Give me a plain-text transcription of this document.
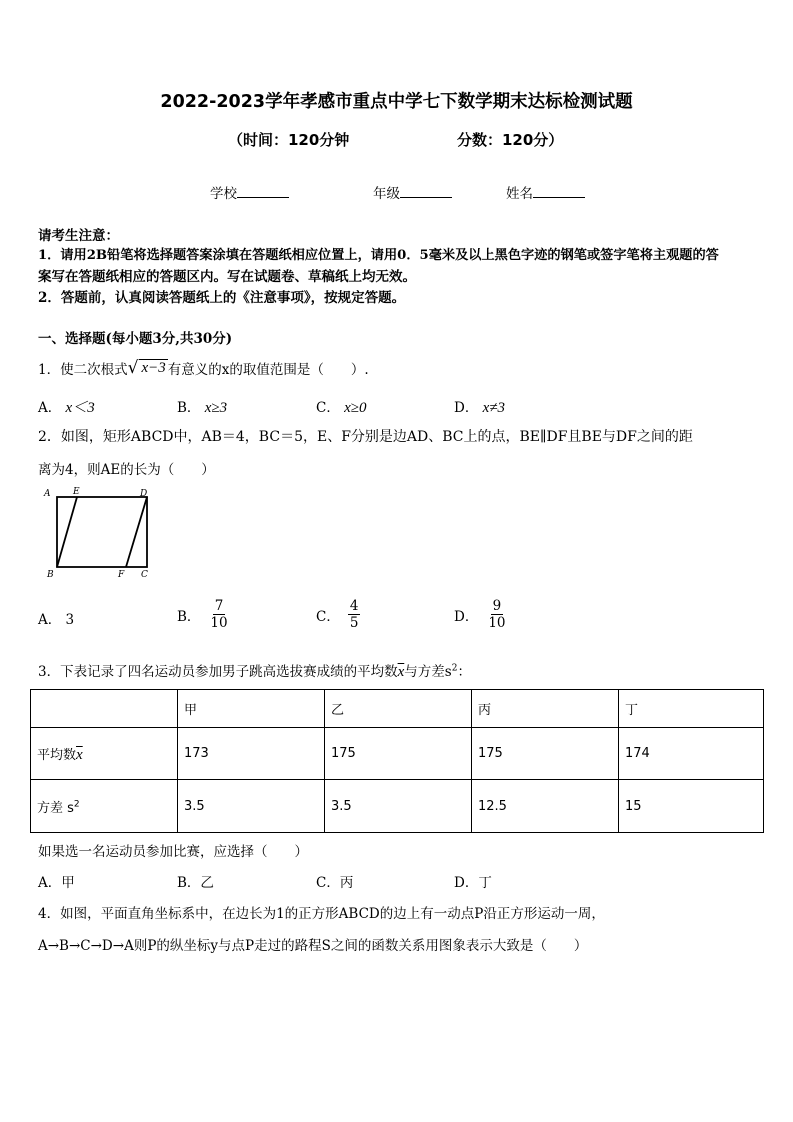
2022-2023学年孝感市重点中学七下数学期末达标检测试题
（时间：120分钟	分数：120分）
学校	年级	姓名
请考生注意：
1．请用2B铅笔将选择题答案涂填在答题纸相应位置上，请用0．5毫米及以上黑色字迹的钢笔或签字笔将主观题的答
案写在答题纸相应的答题区内。写在试题卷、草稿纸上均无效。
2．答题前，认真阅读答题纸上的《注意事项》，按规定答题。
一、选择题(每小题3分,共30分)
1．使二次根式 √ x−3 有意义的x的取值范围是（　　）.
A． x＜3	B． x≥3	C． x≥0	D． x≠3
2．如图，矩形ABCD中，AB＝4，BC＝5，E、F分别是边AD、BC上的点，BE∥DF且BE与DF之间的距
离为4，则AE的长为（　　）
A	E	D
B	F C
A． 3	B． $\frac{7}{10}$	C． $\frac{4}{5}$	D． $\frac{9}{10}$
3．下表记录了四名运动员参加男子跳高选拔赛成绩的平均数$\overline{x}$与方差$s^2$：
	甲	乙	丙	丁
平均数$\overline{x}$	173	175	175	174
方差 $s^2$	3.5	3.5	12.5	15
如果选一名运动员参加比赛，应选择（　　）
A．甲	B．乙	C．丙	D．丁
4．如图，平面直角坐标系中，在边长为1的正方形ABCD的边上有一动点P沿正方形运动一周，
A→B→C→D→A则P的纵坐标y与点P走过的路程S之间的函数关系用图象表示大致是（　　）
